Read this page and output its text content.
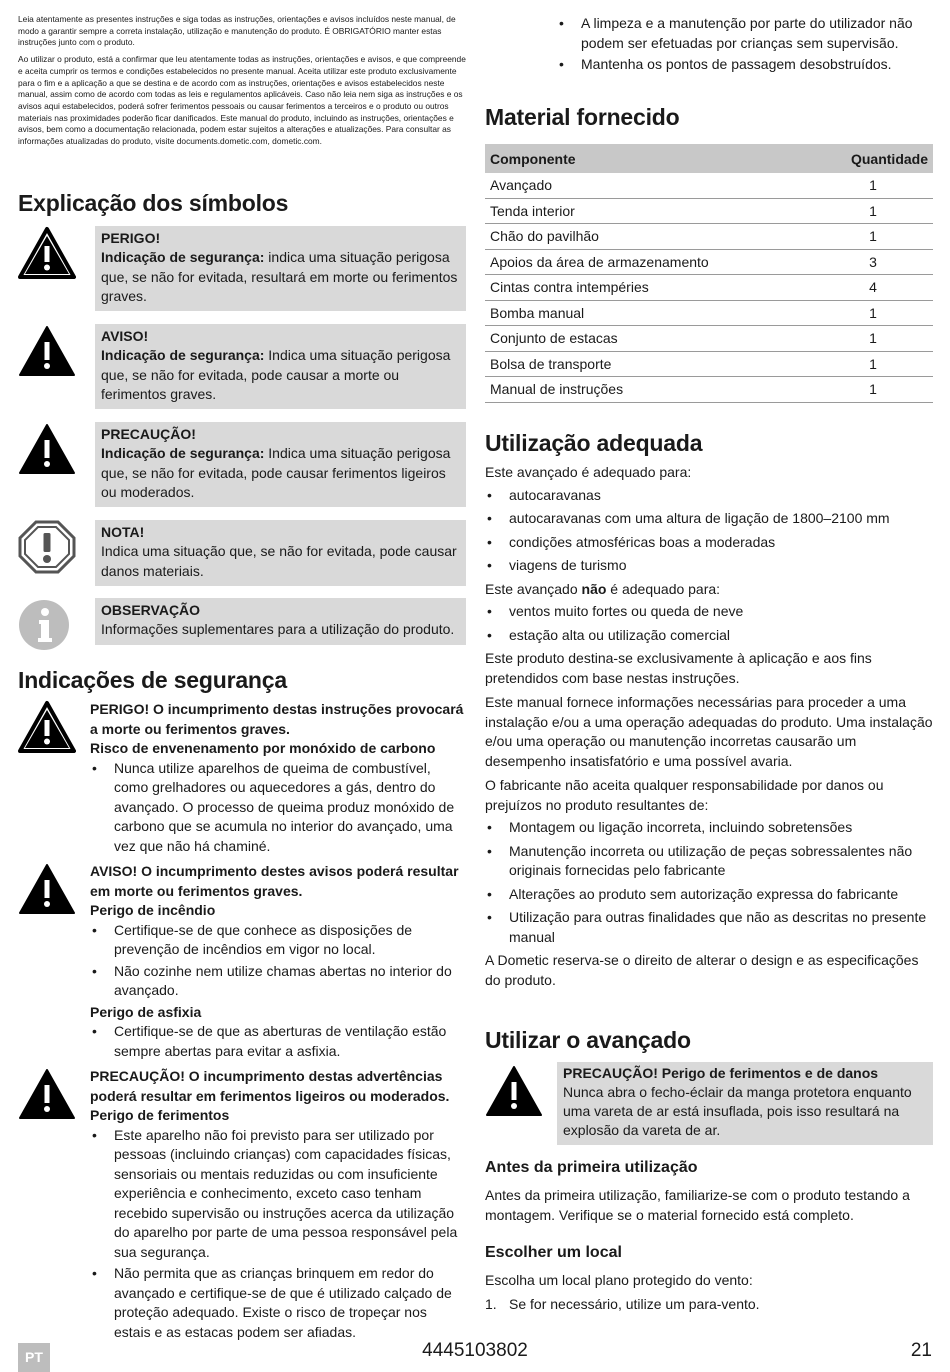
Leia atentamente as presentes instruções e siga todas as instruções, orientações e avisos incluídos neste manual, de modo a garantir sempre a correta instalação, utilização e manutenção do produto. É OBRIGATÓRIO manter estas instruções junto com o produto.

Ao utilizar o produto, está a confirmar que leu atentamente todas as instruções, orientações e avisos, e que compreende e aceita cumprir os termos e condições estabelecidos no presente manual. Aceita utilizar este produto exclusivamente para o fim e a aplicação a que se destina e de acordo com as instruções, orientações e avisos estabelecidos neste manual, assim como de acordo com todas as leis e regulamentos aplicáveis. Caso não leia nem siga as instruções e os avisos aqui estabelecidos, poderá sofrer ferimentos pessoais ou causar ferimentos a terceiros e o produto ou outros materiais nas proximidades poderão ficar danificados. Este manual do produto, incluindo as instruções, orientações e avisos, bem como a documentação relacionada, podem estar sujeitos a alterações e atualizações. Para consultar as informações atualizadas do produto, visite documents.dometic.com, dometic.com.

Explicação dos símbolos
PERIGO!
Indicação de segurança: indica uma situação perigosa que, se não for evitada, resultará em morte ou ferimentos graves.
AVISO!
Indicação de segurança: Indica uma situação perigosa que, se não for evitada, pode causar a morte ou ferimentos graves.
PRECAUÇÃO!
Indicação de segurança: Indica uma situação perigosa que, se não for evitada, pode causar ferimentos ligeiros ou moderados.
NOTA!
Indica uma situação que, se não for evitada, pode causar danos materiais.
OBSERVAÇÃO
Informações suplementares para a utilização do produto.
Indicações de segurança
PERIGO! O incumprimento destas instruções provocará a morte ou ferimentos graves.
Risco de envenenamento por monóxido de carbono
• Nunca utilize aparelhos de queima de combustível, como grelhadores ou aquecedores a gás, dentro do avançado. O processo de queima produz monóxido de carbono que se acumula no interior do avançado, uma vez que não há chaminé.
AVISO! O incumprimento destes avisos poderá resultar em morte ou ferimentos graves.
Perigo de incêndio
• Certifique-se de que conhece as disposições de prevenção de incêndios em vigor no local.
• Não cozinhe nem utilize chamas abertas no interior do avançado.
Perigo de asfixia
• Certifique-se de que as aberturas de ventilação estão sempre abertas para evitar a asfixia.
PRECAUÇÃO! O incumprimento destas advertências poderá resultar em ferimentos ligeiros ou moderados.
Perigo de ferimentos
• Este aparelho não foi previsto para ser utilizado por pessoas (incluindo crianças) com capacidades físicas, sensoriais ou mentais reduzidas ou com insuficiente experiência e conhecimento, exceto caso tenham recebido supervisão ou instruções acerca da utilização do aparelho por parte de uma pessoa responsável pela sua segurança.
• Não permita que as crianças brinquem em redor do avançado e certifique-se de que é utilizado calçado de proteção adequado. Existe o risco de tropeçar nos estais e as estacas podem ser afiadas.
• A limpeza e a manutenção por parte do utilizador não podem ser efetuadas por crianças sem supervisão.
• Mantenha os pontos de passagem desobstruídos.
Material fornecido
Componente	Quantidade
Avançado	1
Tenda interior	1
Chão do pavilhão	1
Apoios da área de armazenamento	3
Cintas contra intempéries	4
Bomba manual	1
Conjunto de estacas	1
Bolsa de transporte	1
Manual de instruções	1
Utilização adequada

Este avançado é adequado para:

• autocaravanas
• autocaravanas com uma altura de ligação de 1800–2100 mm
• condições atmosféricas boas a moderadas
• viagens de turismo

Este avançado não é adequado para:

• ventos muito fortes ou queda de neve
• estação alta ou utilização comercial

Este produto destina-se exclusivamente à aplicação e aos fins pretendidos com base nestas instruções.

Este manual fornece informações necessárias para proceder a uma instalação e/ou a uma operação adequadas do produto. Uma instalação e/ou uma operação ou manutenção incorretas causarão um desempenho insatisfatório e uma possível avaria.

O fabricante não aceita qualquer responsabilidade por danos ou prejuízos no produto resultantes de:

• Montagem ou ligação incorreta, incluindo sobretensões
• Manutenção incorreta ou utilização de peças sobressalentes não originais fornecidas pelo fabricante
• Alterações ao produto sem autorização expressa do fabricante
• Utilização para outras finalidades que não as descritas no presente manual

A Dometic reserva-se o direito de alterar o design e as especificações do produto.

Utilizar o avançado
PRECAUÇÃO! Perigo de ferimentos e de danos
Nunca abra o fecho-éclair da manga protetora enquanto uma vareta de ar está insuflada, pois isso resultará na explosão da vareta de ar.
Antes da primeira utilização

Antes da primeira utilização, familiarize-se com o produto testando a montagem. Verifique se o material fornecido está completo.

Escolher um local

Escolha um local plano protegido do vento:

1. Se for necessário, utilize um para-vento.
PT	4445103802	21
